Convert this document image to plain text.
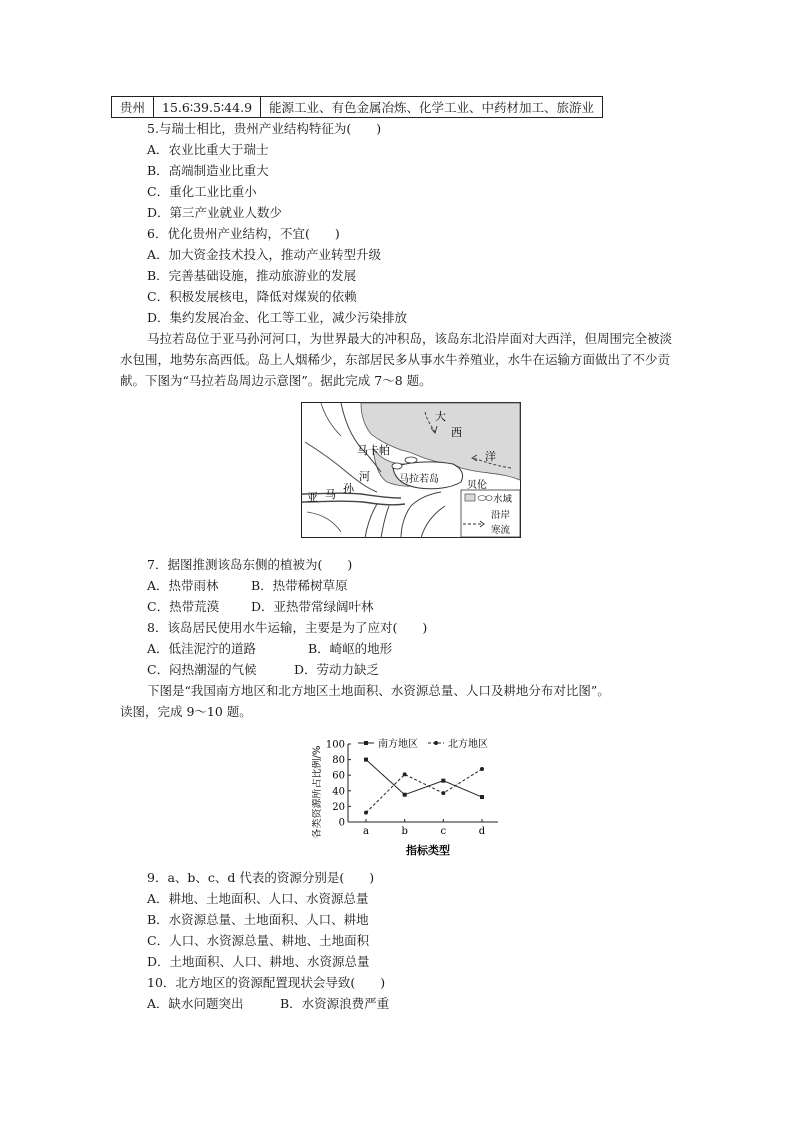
贵州	15.6∶39.5∶44.9	能源工业、有色金属冶炼、化学工业、中药材加工、旅游业
5.与瑞士相比，贵州产业结构特征为(　　)
A．农业比重大于瑞士
B．高端制造业比重大
C．重化工业比重小
D．第三产业就业人数少
6．优化贵州产业结构，不宜(　　)
A．加大资金技术投入，推动产业转型升级
B．完善基础设施，推动旅游业的发展
C．积极发展核电，降低对煤炭的依赖
D．集约发展冶金、化工等工业，减少污染排放
马拉若岛位于亚马孙河河口，为世界最大的冲积岛，该岛东北沿岸面对大西洋，但周围完全被淡水包围，地势东高西低。岛上人烟稀少，东部居民多从事水牛养殖业，水牛在运输方面做出了不少贡献。下图为“马拉若岛周边示意图”。据此完成 7～8 题。
大
西
洋
马卡帕
河
孙
马
亚
马拉若岛
贝伦
水域
沿岸
寒流
7．据图推测该岛东侧的植被为(　　)
A．热带雨林	B．热带稀树草原
C．热带荒漠	D．亚热带常绿阔叶林
8．该岛居民使用水牛运输，主要是为了应对(　　)
A．低洼泥泞的道路	B．崎岖的地形
C．闷热潮湿的气候	D．劳动力缺乏
下图是“我国南方地区和北方地区土地面积、水资源总量、人口及耕地分布对比图”。
读图，完成 9～10 题。
各类资源所占比例/% 0
20
40
60
80
100
a	b	c	d
南方地区	北方地区
指标类型
9．a、b、c、d 代表的资源分别是(　　)
A．耕地、土地面积、人口、水资源总量
B．水资源总量、土地面积、人口、耕地
C．人口、水资源总量、耕地、土地面积
D．土地面积、人口、耕地、水资源总量
10．北方地区的资源配置现状会导致(　　)
A．缺水问题突出	B．水资源浪费严重
